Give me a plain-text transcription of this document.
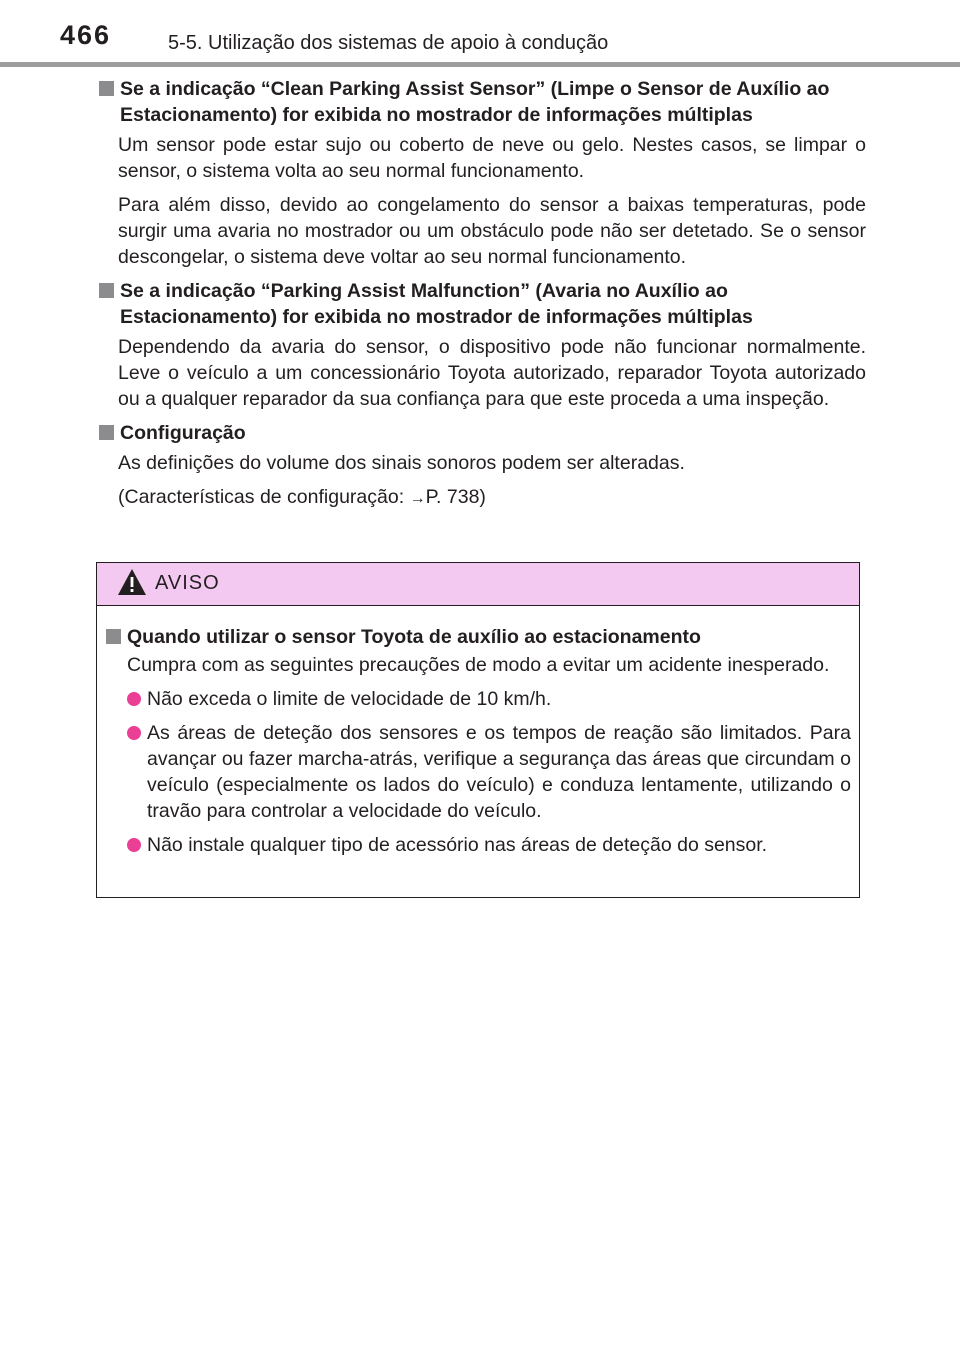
466	5-5. Utilização dos sistemas de apoio à condução
Se a indicação “Clean Parking Assist Sensor” (Limpe o Sensor de Auxílio ao Estacionamento) for exibida no mostrador de informações múltiplas

Um sensor pode estar sujo ou coberto de neve ou gelo. Nestes casos, se limpar o sensor, o sistema volta ao seu normal funcionamento.

Para além disso, devido ao congelamento do sensor a baixas temperaturas, pode surgir uma avaria no mostrador ou um obstáculo pode não ser detetado. Se o sensor descongelar, o sistema deve voltar ao seu normal funcionamento.

Se a indicação “Parking Assist Malfunction” (Avaria no Auxílio ao Estacionamento) for exibida no mostrador de informações múltiplas

Dependendo da avaria do sensor, o dispositivo pode não funcionar normalmente. Leve o veículo a um concessionário Toyota autorizado, reparador Toyota autorizado ou a qualquer reparador da sua confiança para que este proceda a uma inspeção.

Configuração

As definições do volume dos sinais sonoros podem ser alteradas.

(Características de configuração: →P. 738)

AVISO
Quando utilizar o sensor Toyota de auxílio ao estacionamento

Cumpra com as seguintes precauções de modo a evitar um acidente inesperado.

Não exceda o limite de velocidade de 10 km/h.
As áreas de deteção dos sensores e os tempos de reação são limitados. Para avançar ou fazer marcha-atrás, verifique a segurança das áreas que circundam o veículo (especialmente os lados do veículo) e conduza lentamente, utilizando o travão para controlar a velocidade do veículo.
Não instale qualquer tipo de acessório nas áreas de deteção do sensor.
